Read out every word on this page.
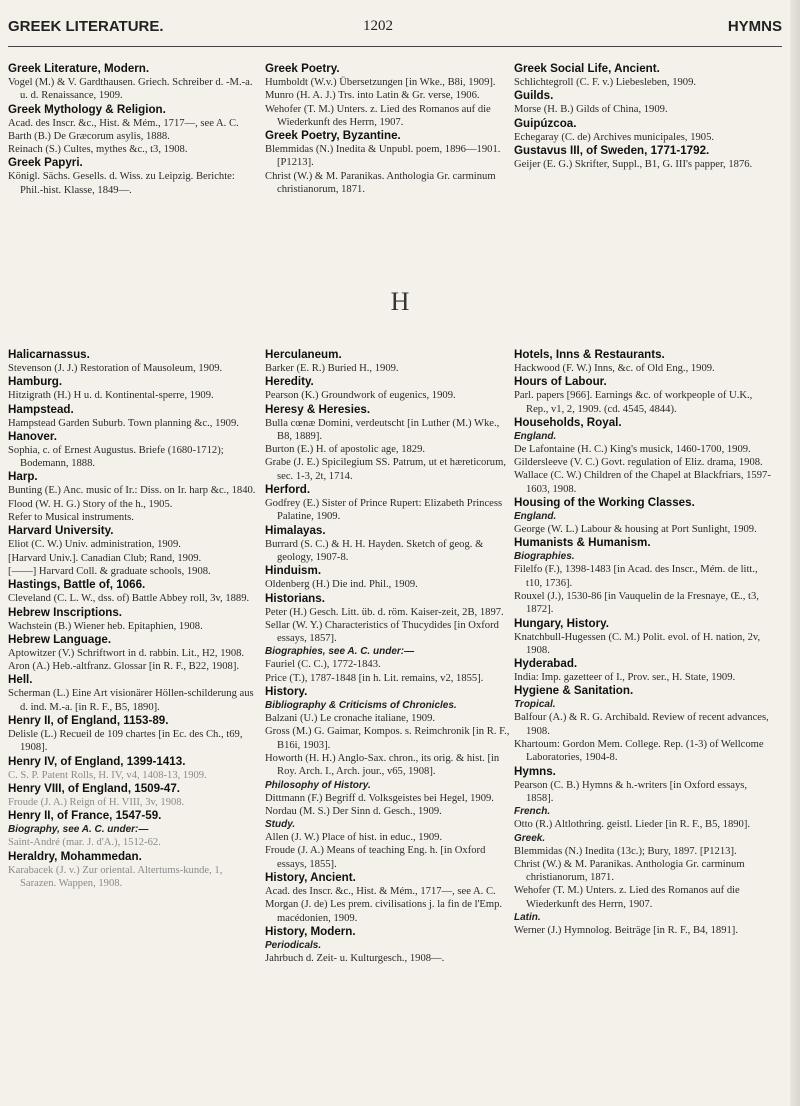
GREEK LITERATURE.	1202	HYMNS
Greek Literature, Modern.
Vogel (M.) & V. Gardthausen. Griech. Schreiber d. -M.-a. u. d. Renaissance, 1909.
Greek Mythology & Religion.
Acad. des Inscr. &c., Hist. & Mém., 1717—, see A. C.
Barth (B.) De Græcorum asylis, 1888.
Reinach (S.) Cultes, mythes &c., t3, 1908.
Greek Papyri.
Königl. Sächs. Gesells. d. Wiss. zu Leipzig. Berichte: Phil.-hist. Klasse, 1849—.
Greek Poetry.
Humboldt (W.v.) Übersetzungen [in Wke., B8i, 1909].
Munro (H. A. J.) Trs. into Latin & Gr. verse, 1906.
Wehofer (T. M.) Unters. z. Lied des Romanos auf die Wiederkunft des Herrn, 1907.
Greek Poetry, Byzantine.
Blemmidas (N.) Inedita & Unpubl. poem, 1896—1901. [P1213].
Christ (W.) & M. Paranikas. Anthologia Gr. carminum christianorum, 1871.
Greek Social Life, Ancient.
Schlichtegroll (C. F. v.) Liebesleben, 1909.
Guilds.
Morse (H. B.) Gilds of China, 1909.
Guipúzcoa.
Echegaray (C. de) Archives municipales, 1905.
Gustavus III, of Sweden, 1771-1792.
Geijer (E. G.) Skrifter, Suppl., B1, G. III's papper, 1876.
H
Halicarnassus.
Stevenson (J. J.) Restoration of Mausoleum, 1909.
Hamburg.
Hitzigrath (H.) H u. d. Kontinental-sperre, 1909.
Hampstead.
Hampstead Garden Suburb. Town planning &c., 1909.
Hanover.
Sophia, c. of Ernest Augustus. Briefe (1680-1712); Bodemann, 1888.
Harp.
Bunting (E.) Anc. music of Ir.: Diss. on Ir. harp &c., 1840.
Flood (W. H. G.) Story of the h., 1905.
Refer to Musical instruments.
Harvard University.
Eliot (C. W.) Univ. administration, 1909.
[Harvard Univ.]. Canadian Club; Rand, 1909.
[——] Harvard Coll. & graduate schools, 1908.
Hastings, Battle of, 1066.
Cleveland (C. L. W., dss. of) Battle Abbey roll, 3v, 1889.
Hebrew Inscriptions.
Wachstein (B.) Wiener heb. Epitaphien, 1908.
Hebrew Language.
Aptowitzer (V.) Schriftwort in d. rabbin. Lit., H2, 1908.
Aron (A.) Heb.-altfranz. Glossar [in R. F., B22, 1908].
Hell.
Scherman (L.) Eine Art visionärer Höllen-schilderung aus d. ind. M.-a. [in R. F., B5, 1890].
Henry II, of England, 1153-89.
Delisle (L.) Recueil de 109 chartes [in Ec. des Ch., t69, 1908].
Henry IV, of England, 1399-1413.
C. S. P. Patent Rolls, H. IV, v4, 1408-13, 1909.
Henry VIII, of England, 1509-47.
Froude (J. A.) Reign of H. VIII, 3v, 1908.
Henry II, of France, 1547-59.
Biography, see A. C. under:—
Saint-André (mar. J. d'A.), 1512-62.
Heraldry, Mohammedan.
Karabacek (J. v.) Zur oriental. Altertums-kunde, 1, Sarazen. Wappen, 1908.
Herculaneum.
Barker (E. R.) Buried H., 1909.
Heredity.
Pearson (K.) Groundwork of eugenics, 1909.
Heresy & Heresies.
Bulla cœnæ Domini, verdeutscht [in Luther (M.) Wke., B8, 1889].
Burton (E.) H. of apostolic age, 1829.
Grabe (J. E.) Spicilegium SS. Patrum, ut et hæreticorum, sec. 1-3, 2t, 1714.
Herford.
Godfrey (E.) Sister of Prince Rupert: Elizabeth Princess Palatine, 1909.
Himalayas.
Burrard (S. C.) & H. H. Hayden. Sketch of geog. & geology, 1907-8.
Hinduism.
Oldenberg (H.) Die ind. Phil., 1909.
Historians.
Peter (H.) Gesch. Litt. üb. d. röm. Kaiser-zeit, 2B, 1897.
Sellar (W. Y.) Characteristics of Thucydides [in Oxford essays, 1857].
Biographies, see A. C. under:—
Fauriel (C. C.), 1772-1843.
Price (T.), 1787-1848 [in h. Lit. remains, v2, 1855].
History.
Bibliography & Criticisms of Chronicles.
Balzani (U.) Le cronache italiane, 1909.
Gross (M.) G. Gaimar, Kompos. s. Reimchronik [in R. F., B16i, 1903].
Howorth (H. H.) Anglo-Sax. chron., its orig. & hist. [in Roy. Arch. I., Arch. jour., v65, 1908].
Philosophy of History.
Dittmann (F.) Begriff d. Volksgeistes bei Hegel, 1909.
Nordau (M. S.) Der Sinn d. Gesch., 1909.
Study.
Allen (J. W.) Place of hist. in educ., 1909.
Froude (J. A.) Means of teaching Eng. h. [in Oxford essays, 1855].
History, Ancient.
Acad. des Inscr. &c., Hist. & Mém., 1717—, see A. C.
Morgan (J. de) Les prem. civilisations j. la fin de l'Emp. macédonien, 1909.
History, Modern.
Periodicals.
Jahrbuch d. Zeit- u. Kulturgesch., 1908—.
Hotels, Inns & Restaurants.
Hackwood (F. W.) Inns, &c. of Old Eng., 1909.
Hours of Labour.
Parl. papers [966]. Earnings &c. of workpeople of U.K., Rep., v1, 2, 1909. (cd. 4545, 4844).
Households, Royal.
England.
De Lafontaine (H. C.) King's musick, 1460-1700, 1909.
Gildersleeve (V. C.) Govt. regulation of Eliz. drama, 1908.
Wallace (C. W.) Children of the Chapel at Blackfriars, 1597-1603, 1908.
Housing of the Working Classes.
England.
George (W. L.) Labour & housing at Port Sunlight, 1909.
Humanists & Humanism.
Biographies.
Filelfo (F.), 1398-1483 [in Acad. des Inscr., Mém. de litt., t10, 1736].
Rouxel (J.), 1530-86 [in Vauquelin de la Fresnaye, Œ., t3, 1872].
Hungary, History.
Knatchbull-Hugessen (C. M.) Polit. evol. of H. nation, 2v, 1908.
Hyderabad.
India: Imp. gazetteer of I., Prov. ser., H. State, 1909.
Hygiene & Sanitation.
Tropical.
Balfour (A.) & R. G. Archibald. Review of recent advances, 1908.
Khartoum: Gordon Mem. College. Rep. (1-3) of Wellcome Laboratories, 1904-8.
Hymns.
Pearson (C. B.) Hymns & h.-writers [in Oxford essays, 1858].
French.
Otto (R.) Altlothring. geistl. Lieder [in R. F., B5, 1890].
Greek.
Blemmidas (N.) Inedita (13c.); Bury, 1897. [P1213].
Christ (W.) & M. Paranikas. Anthologia Gr. carminum christianorum, 1871.
Wehofer (T. M.) Unters. z. Lied des Romanos auf die Wiederkunft des Herrn, 1907.
Latin.
Werner (J.) Hymnolog. Beiträge [in R. F., B4, 1891].
